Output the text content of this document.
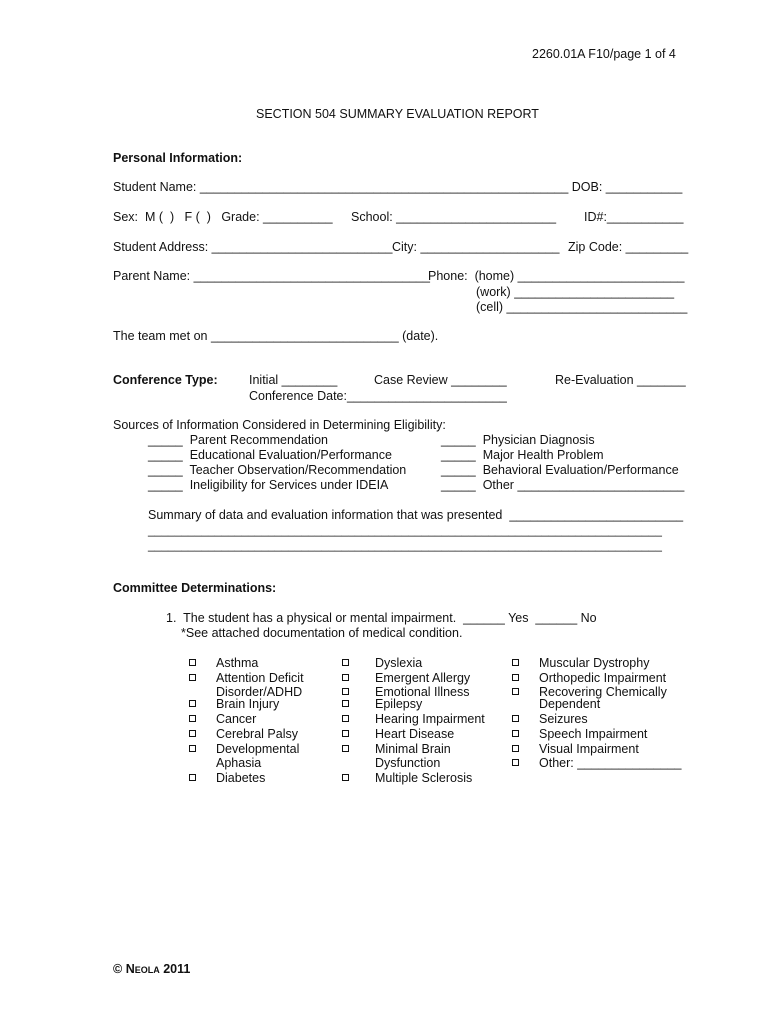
2260.01A F10/page 1 of 4
SECTION 504 SUMMARY EVALUATION REPORT
Personal Information:
Student Name: _____________________________________________________ DOB: ___________
Sex:  M (  )   F (  )   Grade: __________ School: _______________________ ID#:___________
Student Address: __________________________ City: ____________________ Zip Code: _________
Parent Name: __________________________________
Phone:  (home) ________________________
(work) _______________________
(cell) __________________________
The team met on ___________________________ (date).
Conference Type:	Initial ________	Case Review ________	Re-Evaluation _______
Conference Date:_______________________
Sources of Information Considered in Determining Eligibility:
_____  Parent Recommendation
_____  Educational Evaluation/Performance
_____  Teacher Observation/Recommendation
_____  Ineligibility for Services under IDEIA
_____  Physician Diagnosis
_____  Major Health Problem
_____  Behavioral Evaluation/Performance
_____  Other ________________________
Summary of data and evaluation information that was presented  _________________________
_____________________________________________________________________________
_____________________________________________________________________________
Committee Determinations:
1.  The student has a physical or mental impairment.  ______ Yes  ______ No
*See attached documentation of medical condition.
Asthma
Attention Deficit
Disorder/ADHD
Brain Injury
Cancer
Cerebral Palsy
Developmental
Aphasia
Diabetes
Dyslexia
Emergent Allergy
Emotional Illness
Epilepsy
Hearing Impairment
Heart Disease
Minimal Brain
Dysfunction
Multiple Sclerosis
Muscular Dystrophy
Orthopedic Impairment
Recovering Chemically
Dependent
Seizures
Speech Impairment
Visual Impairment
Other: _______________
© Neola 2011
